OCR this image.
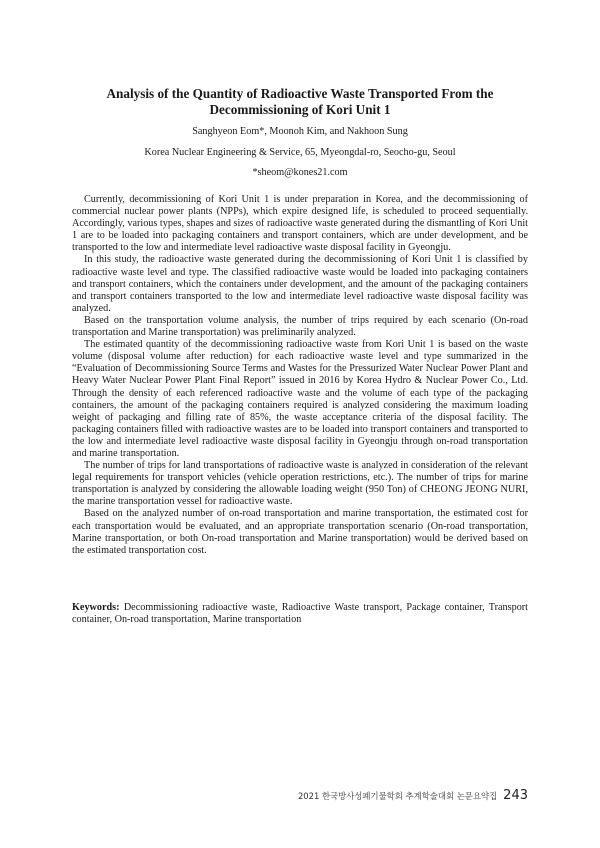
Analysis of the Quantity of Radioactive Waste Transported From the Decommissioning of Kori Unit 1
Sanghyeon Eom*, Moonoh Kim, and Nakhoon Sung
Korea Nuclear Engineering & Service, 65, Myeongdal-ro, Seocho-gu, Seoul
*sheom@kones21.com

Currently, decommissioning of Kori Unit 1 is under preparation in Korea, and the decommissioning of commercial nuclear power plants (NPPs), which expire designed life, is scheduled to proceed sequentially. Accordingly, various types, shapes and sizes of radioactive waste generated during the dismantling of Kori Unit 1 are to be loaded into packaging containers and transport containers, which are under development, and be transported to the low and intermediate level radioactive waste disposal facility in Gyeongju.

In this study, the radioactive waste generated during the decommissioning of Kori Unit 1 is classified by radioactive waste level and type. The classified radioactive waste would be loaded into packaging containers and transport containers, which the containers under development, and the amount of the packaging containers and transport containers transported to the low and intermediate level radioactive waste disposal facility was analyzed.

Based on the transportation volume analysis, the number of trips required by each scenario (On-road transportation and Marine transportation) was preliminarily analyzed.

The estimated quantity of the decommissioning radioactive waste from Kori Unit 1 is based on the waste volume (disposal volume after reduction) for each radioactive waste level and type summarized in the “Evaluation of Decommissioning Source Terms and Wastes for the Pressurized Water Nuclear Power Plant and Heavy Water Nuclear Power Plant Final Report” issued in 2016 by Korea Hydro & Nuclear Power Co., Ltd. Through the density of each referenced radioactive waste and the volume of each type of the packaging containers, the amount of the packaging containers required is analyzed considering the maximum loading weight of packaging and filling rate of 85%, the waste acceptance criteria of the disposal facility. The packaging containers filled with radioactive wastes are to be loaded into transport containers and transported to the low and intermediate level radioactive waste disposal facility in Gyeongju through on-road transportation and marine transportation.

The number of trips for land transportations of radioactive waste is analyzed in consideration of the relevant legal requirements for transport vehicles (vehicle operation restrictions, etc.). The number of trips for marine transportation is analyzed by considering the allowable loading weight (950 Ton) of CHEONG JEONG NURI, the marine transportation vessel for radioactive waste.

Based on the analyzed number of on-road transportation and marine transportation, the estimated cost for each transportation would be evaluated, and an appropriate transportation scenario (On-road transportation, Marine transportation, or both On-road transportation and Marine transportation) would be derived based on the estimated transportation cost.

Keywords: Decommissioning radioactive waste, Radioactive Waste transport, Package container, Transport container, On-road transportation, Marine transportation
2021 한국방사성폐기물학회 추계학술대회 논문요약집 243
